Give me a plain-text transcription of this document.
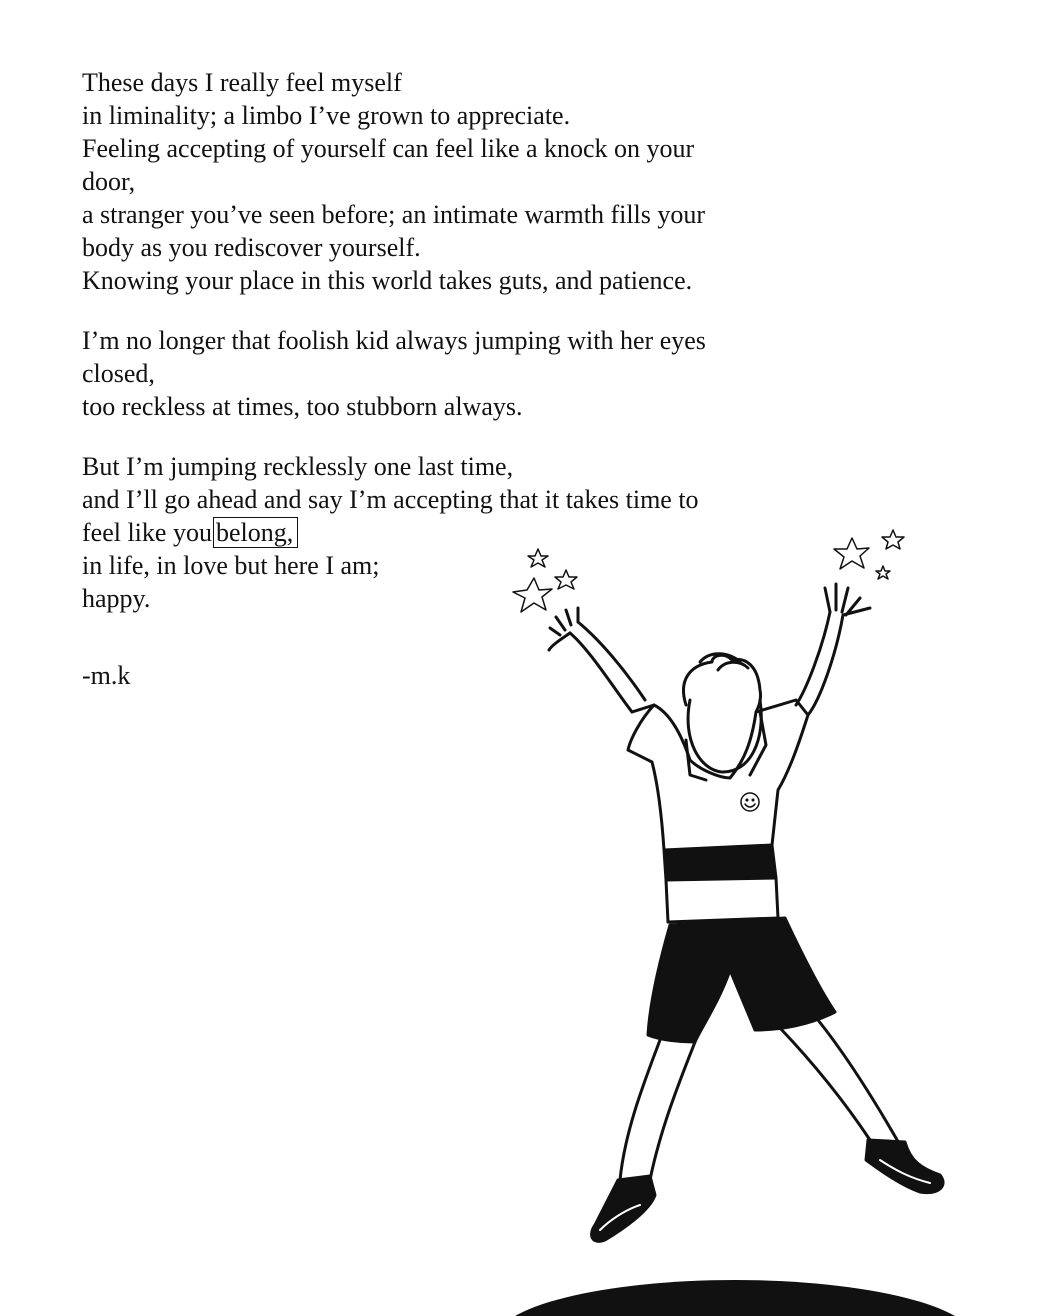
These days I really feel myself
in liminality; a limbo I’ve grown to appreciate.
Feeling accepting of yourself can feel like a knock on your
door,
a stranger you’ve seen before; an intimate warmth fills your
body as you rediscover yourself.
Knowing your place in this world takes guts, and patience.
I’m no longer that foolish kid always jumping with her eyes
closed,
too reckless at times, too stubborn always.
But I’m jumping recklessly one last time,
and I’ll go ahead and say I’m accepting that it takes time to
feel like you belong,
in life, in love but here I am;
happy.
-m.k
